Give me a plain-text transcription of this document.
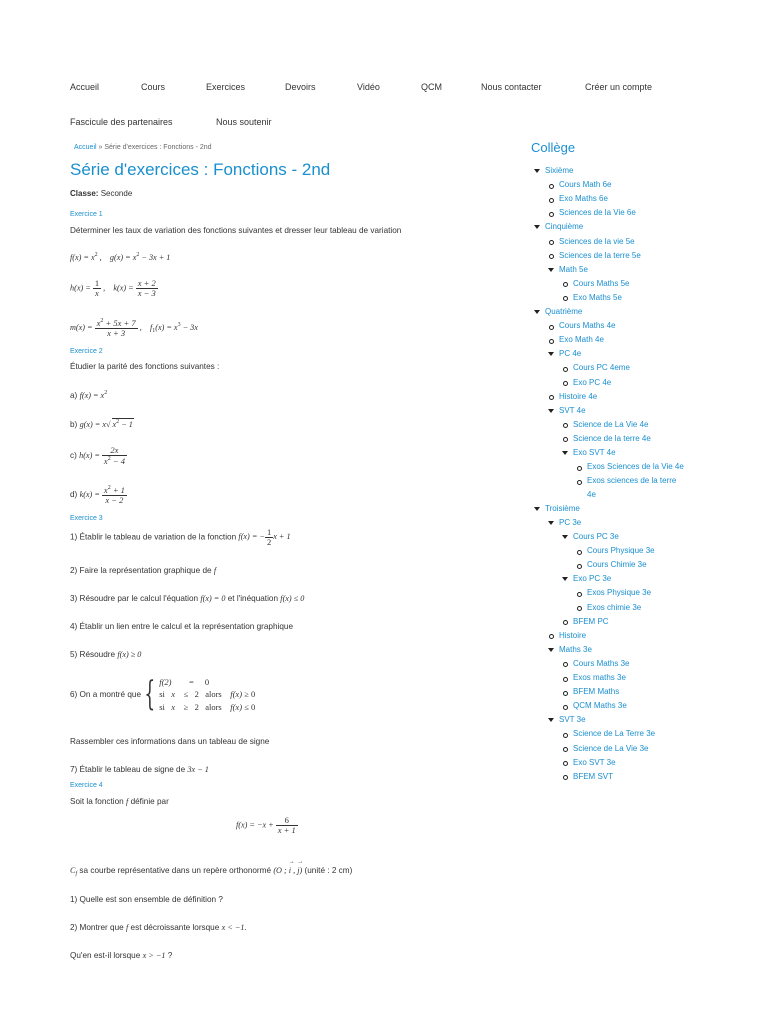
Accueil	Cours	Exercices	Devoirs	Vidéo	QCM	Nous contacter	Créer un compte
Fascicule des partenaires	Nous soutenir
Accueil » Série d'exercices : Fonctions - 2nd
Série d'exercices : Fonctions - 2nd
Classe: Seconde
Exercice 1
Déterminer les taux de variation des fonctions suivantes et dresser leur tableau de variation
$f(x) = x^2$ ,    $g(x) = x^2 - 3x + 1$
$h(x) = \frac{1}{x}$ ,    $k(x) = \frac{x + 2}{x - 3}$
$m(x) = \frac{x^2 + 5x + 7}{x + 3}$ ,    $f_1(x) = x^3 - 3x$
Exercice 2
Étudier la parité des fonctions suivantes :
a) $f(x) = x^2$
b) g(x) = x√ $x^2 - 1$
c) $h(x) = \frac{2x}{x^2 - 4}$
d) $k(x) = \frac{x^2 + 1}{x - 2}$
Exercice 3
1) Établir le tableau de variation de la fonction f(x) = − $\frac{1}{2}$ x + 1
2) Faire la représentation graphique de f
3) Résoudre par le calcul l'équation f(x) = 0 et l'inéquation f(x) ≤ 0
4) Établir un lien entre le calcul et la représentation graphique
5) Résoudre f(x) ≥ 0
6) On a montré que { f(2)        =     0
si   x    ≤   2 alors    f(x) ≥ 0
si   x    ≥   2 alors    f(x) ≤ 0
Rassembler ces informations dans un tableau de signe
7) Établir le tableau de signe de 3x − 1
Exercice 4
Soit la fonction f définie par
$f(x) = -x + \frac{6}{x + 1}$
$C_f$ sa courbe représentative dans un repère orthonormé (O ; i
→
, j
→
) (unité : 2 cm)
1) Quelle est son ensemble de définition ?
2) Montrer que f est décroissante lorsque x < −1.
Qu'en est-il lorsque x > −1 ?
Collège
Sixième
Cours Math 6e
Exo Maths 6e
Sciences de la Vie 6e
Cinquième
Sciences de la vie 5e
Sciences de la terre 5e
Math 5e
Cours Maths 5e
Exo Maths 5e
Quatrième
Cours Maths 4e
Exo Math 4e
PC 4e
Cours PC 4eme
Exo PC 4e
Histoire 4e
SVT 4e
Science de La Vie 4e
Science de la terre 4e
Exo SVT 4e
Exos Sciences de la Vie 4e
Exos sciences de la terre
4e
Troisième
PC 3e
Cours PC 3e
Cours Physique 3e
Cours Chimie 3e
Exo PC 3e
Exos Physique 3e
Exos chimie 3e
BFEM PC
Histoire
Maths 3e
Cours Maths 3e
Exos maths 3e
BFEM Maths
QCM Maths 3e
SVT 3e
Science de La Terre 3e
Science de La Vie 3e
Exo SVT 3e
BFEM SVT
